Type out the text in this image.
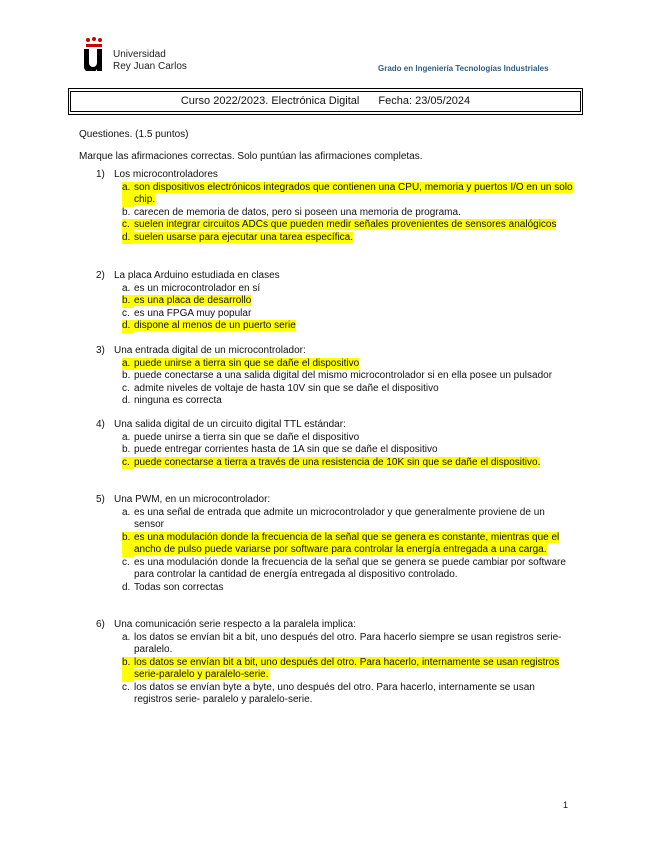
Universidad
Rey Juan Carlos	Grado en Ingeniería Tecnologías Industriales
Curso 2022/2023. Electrónica Digital Fecha: 23/05/2024
Questiones. (1.5 puntos)
Marque las afirmaciones correctas. Solo puntúan las afirmaciones completas.
1) Los microcontroladores
a. son dispositivos electrónicos integrados que contienen una CPU, memoria y puertos I/O en un solo chip.
b. carecen de memoria de datos, pero si poseen una memoria de programa.
c. suelen integrar circuitos ADCs que pueden medir señales provenientes de sensores analógicos
d. suelen usarse para ejecutar una tarea específica.
2) La placa Arduino estudiada en clases
a. es un microcontrolador en sí
b. es una placa de desarrollo
c. es una FPGA muy popular
d. dispone al menos de un puerto serie
3) Una entrada digital de un microcontrolador:
a. puede unirse a tierra sin que se dañe el dispositivo
b. puede conectarse a una salida digital del mismo microcontrolador si en ella posee un pulsador
c. admite niveles de voltaje de hasta 10V sin que se dañe el dispositivo
d. ninguna es correcta
4) Una salida digital de un circuito digital TTL estándar:
a. puede unirse a tierra sin que se dañe el dispositivo
b. puede entregar corrientes hasta de 1A sin que se dañe el dispositivo
c. puede conectarse a tierra a través de una resistencia de 10K sin que se dañe el dispositivo.
5) Una PWM, en un microcontrolador:
a. es una señal de entrada que admite un microcontrolador y que generalmente proviene de un sensor
b. es una modulación donde la frecuencia de la señal que se genera es constante, mientras que el ancho de pulso puede variarse por software para controlar la energía entregada a una carga.
c. es una modulación donde la frecuencia de la señal que se genera se puede cambiar por software para controlar la cantidad de energía entregada al dispositivo controlado.
d. Todas son correctas
6) Una comunicación serie respecto a la paralela implica:
a. los datos se envían bit a bit, uno después del otro. Para hacerlo siempre se usan registros serie-paralelo.
b. los datos se envían bit a bit, uno después del otro. Para hacerlo, internamente se usan registros serie-paralelo y paralelo-serie.
c. los datos se envían byte a byte, uno después del otro. Para hacerlo, internamente se usan registros serie- paralelo y paralelo-serie.
1
